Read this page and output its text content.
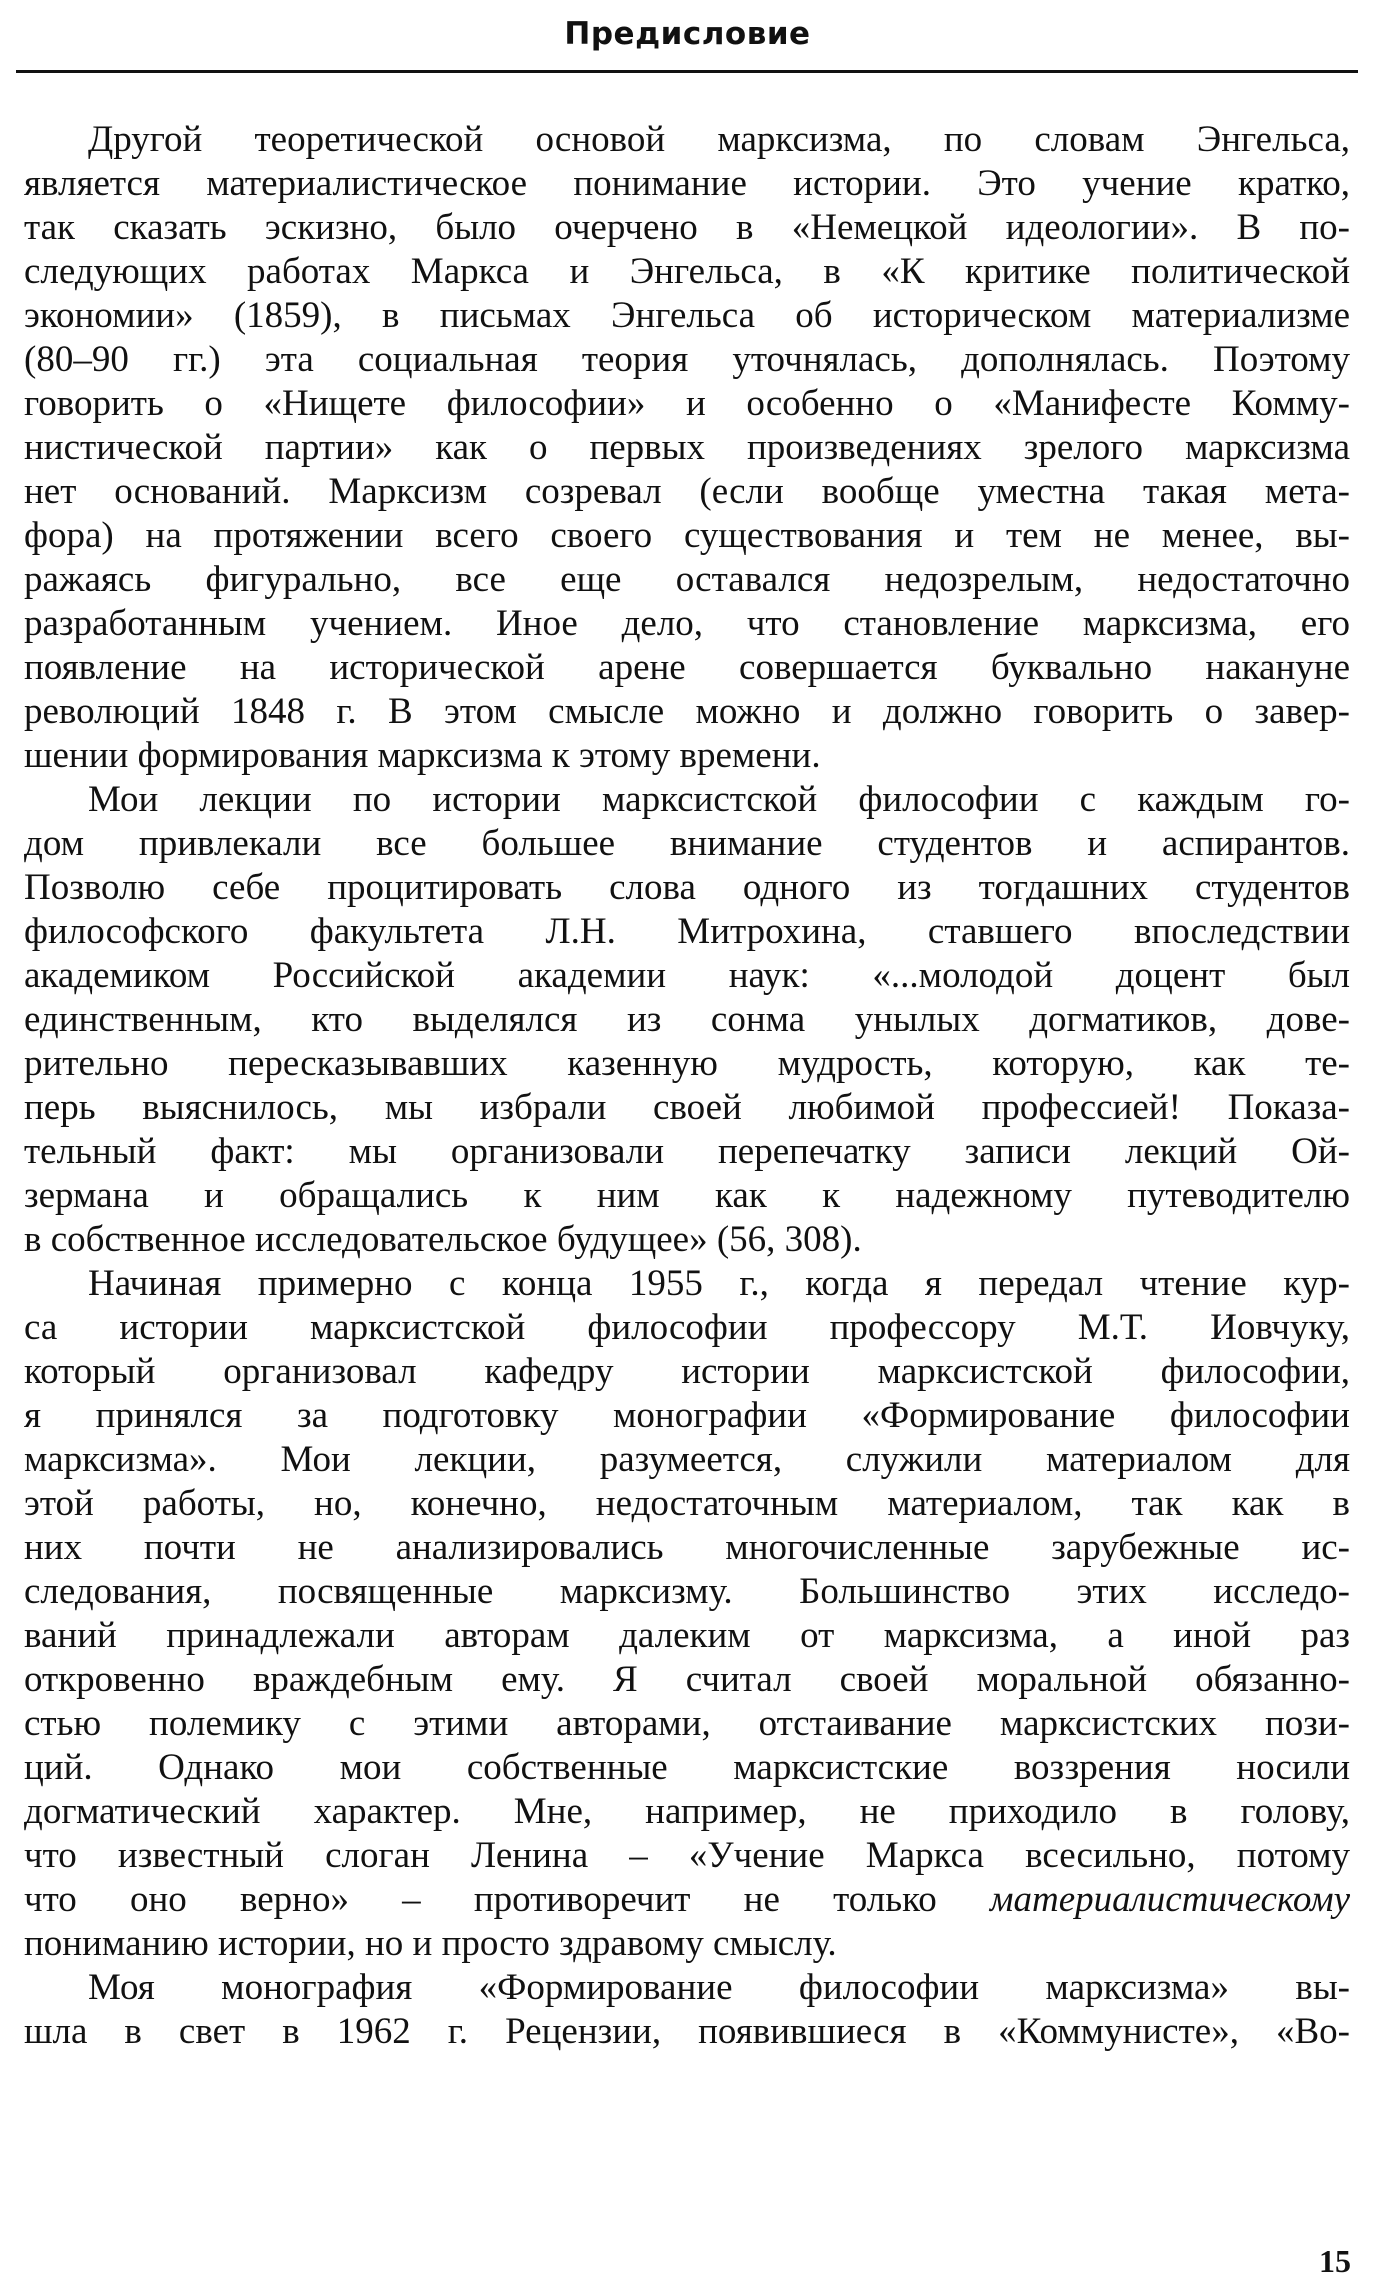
Предисловие
Другой теоретической основой марксизма, по словам Энгельса,
является материалистическое понимание истории. Это учение кратко,
так сказать эскизно, было очерчено в «Немецкой идеологии». В по-
следующих работах Маркса и Энгельса, в «К критике политической
экономии» (1859), в письмах Энгельса об историческом материализме
(80–90 гг.) эта социальная теория уточнялась, дополнялась. Поэтому
говорить о «Нищете философии» и особенно о «Манифесте Комму-
нистической партии» как о первых произведениях зрелого марксизма
нет оснований. Марксизм созревал (если вообще уместна такая мета-
фора) на протяжении всего своего существования и тем не менее, вы-
ражаясь фигурально, все еще оставался недозрелым, недостаточно
разработанным учением. Иное дело, что становление марксизма, его
появление на исторической арене совершается буквально накануне
революций 1848 г. В этом смысле можно и должно говорить о завер-
шении формирования марксизма к этому времени.
Мои лекции по истории марксистской философии с каждым го-
дом привлекали все большее внимание студентов и аспирантов.
Позволю себе процитировать слова одного из тогдашних студентов
философского факультета Л.Н. Митрохина, ставшего впоследствии
академиком Российской академии наук: «...молодой доцент был
единственным, кто выделялся из сонма унылых догматиков, дове-
рительно пересказывавших казенную мудрость, которую, как те-
перь выяснилось, мы избрали своей любимой профессией! Показа-
тельный факт: мы организовали перепечатку записи лекций Ой-
зермана и обращались к ним как к надежному путеводителю
в собственное исследовательское будущее» (56, 308).
Начиная примерно с конца 1955 г., когда я передал чтение кур-
са истории марксистской философии профессору М.Т. Иовчуку,
который организовал кафедру истории марксистской философии,
я принялся за подготовку монографии «Формирование философии
марксизма». Мои лекции, разумеется, служили материалом для
этой работы, но, конечно, недостаточным материалом, так как в
них почти не анализировались многочисленные зарубежные ис-
следования, посвященные марксизму. Большинство этих исследо-
ваний принадлежали авторам далеким от марксизма, а иной раз
откровенно враждебным ему. Я считал своей моральной обязанно-
стью полемику с этими авторами, отстаивание марксистских пози-
ций. Однако мои собственные марксистские воззрения носили
догматический характер. Мне, например, не приходило в голову,
что известный слоган Ленина – «Учение Маркса всесильно, потому
что оно верно» – противоречит не только материалистическому
пониманию истории, но и просто здравому смыслу.
Моя монография «Формирование философии марксизма» вы-
шла в свет в 1962 г. Рецензии, появившиеся в «Коммунисте», «Во-
15
